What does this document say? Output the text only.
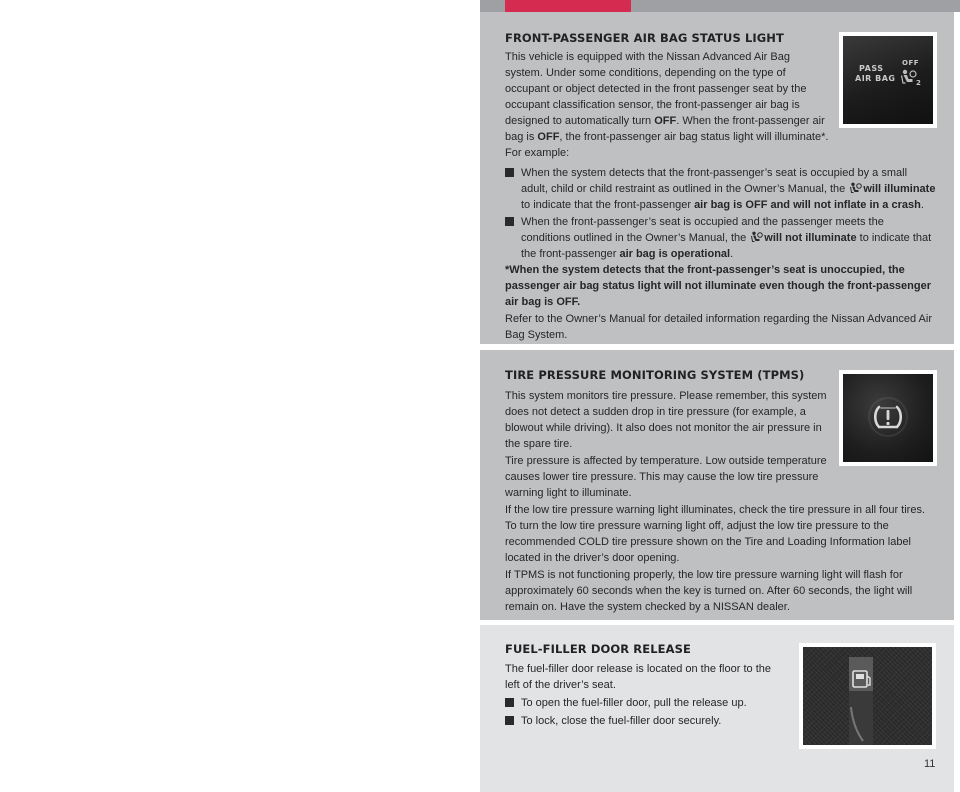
FRONT-PASSENGER AIR BAG STATUS LIGHT

This vehicle is equipped with the Nissan Advanced Air Bag

system. Under some conditions, depending on the type of

occupant or object detected in the front passenger seat by the

occupant classification sensor, the front-passenger air bag is

designed to automatically turn OFF. When the front-passenger air

bag is OFF, the front-passenger air bag status light will illuminate*.

For example:

When the system detects that the front-passenger’s seat is occupied by a small
adult, child or child restraint as outlined in the Owner’s Manual, the will illuminate
to indicate that the front-passenger air bag is OFF and will not inflate in a crash.
When the front-passenger’s seat is occupied and the passenger meets the
conditions outlined in the Owner’s Manual, the will not illuminate to indicate that
the front-passenger air bag is operational.

*When the system detects that the front-passenger’s seat is unoccupied, the

passenger air bag status light will not illuminate even though the front-passenger

air bag is OFF.

Refer to the Owner’s Manual for detailed information regarding the Nissan Advanced Air

Bag System.

PASS
AIR BAG
OFF
2
TIRE PRESSURE MONITORING SYSTEM (TPMS)

This system monitors tire pressure. Please remember, this system

does not detect a sudden drop in tire pressure (for example, a

blowout while driving). It also does not monitor the air pressure in

the spare tire.

Tire pressure is affected by temperature. Low outside temperature

causes lower tire pressure. This may cause the low tire pressure

warning light to illuminate.

If the low tire pressure warning light illuminates, check the tire pressure in all four tires.

To turn the low tire pressure warning light off, adjust the low tire pressure to the

recommended COLD tire pressure shown on the Tire and Loading Information label

located in the driver’s door opening.

If TPMS is not functioning properly, the low tire pressure warning light will flash for

approximately 60 seconds when the key is turned on. After 60 seconds, the light will

remain on. Have the system checked by a NISSAN dealer.

FUEL-FILLER DOOR RELEASE

The fuel-filler door release is located on the floor to the

left of the driver’s seat.

To open the fuel-filler door, pull the release up.
To lock, close the fuel-filler door securely.

11
